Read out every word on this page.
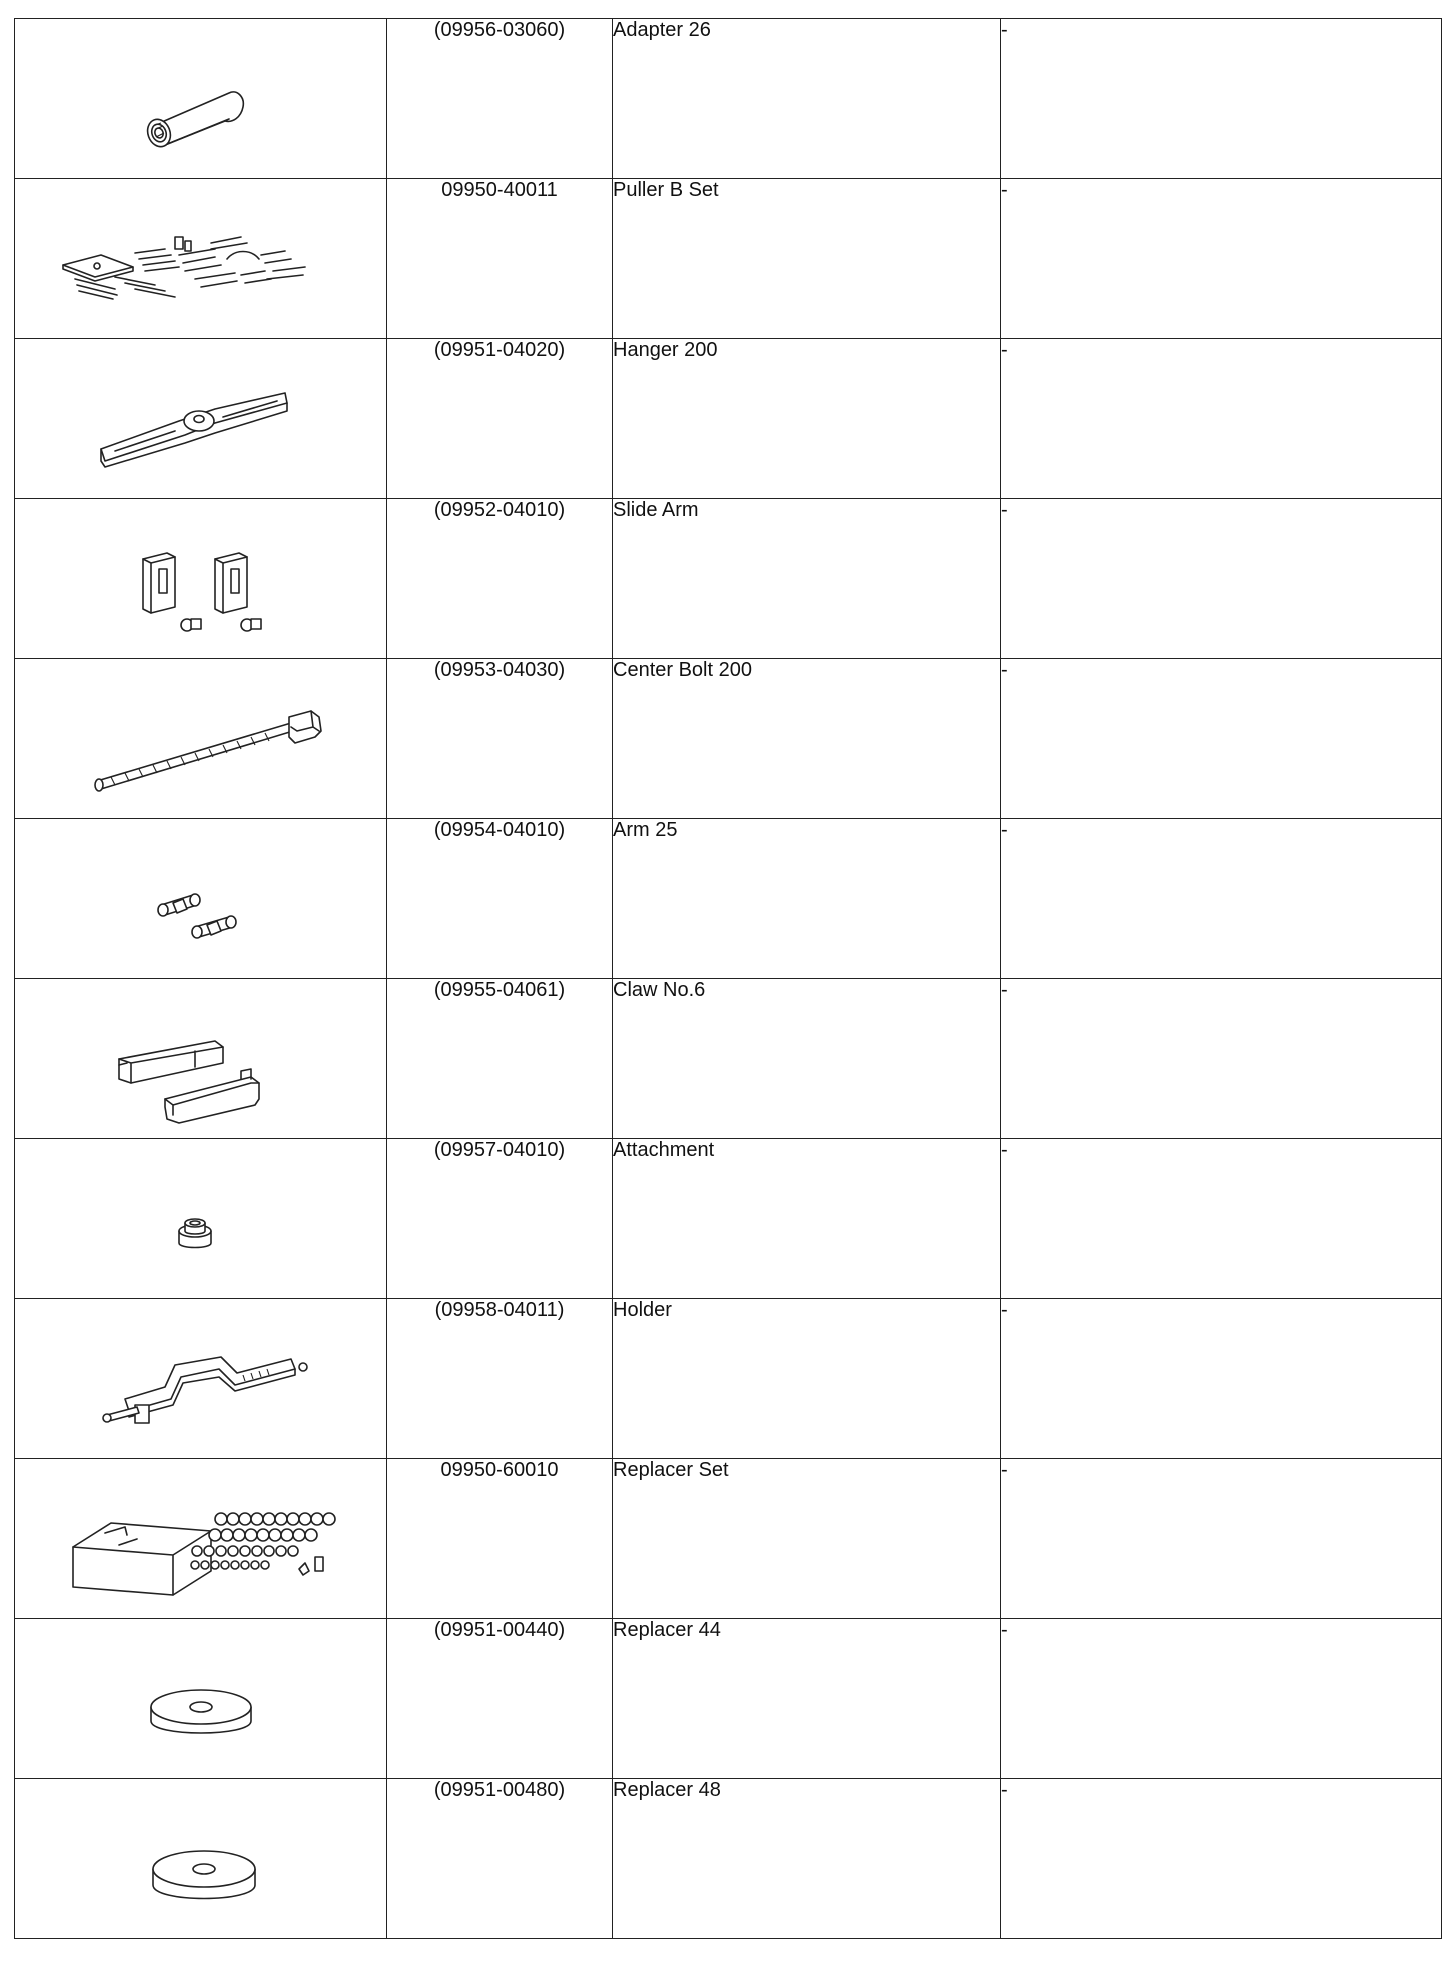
	(09956-03060)	Adapter 26	-

	09950-40011	Puller B Set	-

	(09951-04020)	Hanger 200	-

	(09952-04010)	Slide Arm	-

	(09953-04030)	Center Bolt 200	-

	(09954-04010)	Arm 25	-

	(09955-04061)	Claw No.6	-

	(09957-04010)	Attachment	-

	(09958-04011)	Holder	-

	09950-60010	Replacer Set	-

	(09951-00440)	Replacer 44	-

	(09951-00480)	Replacer 48	-
